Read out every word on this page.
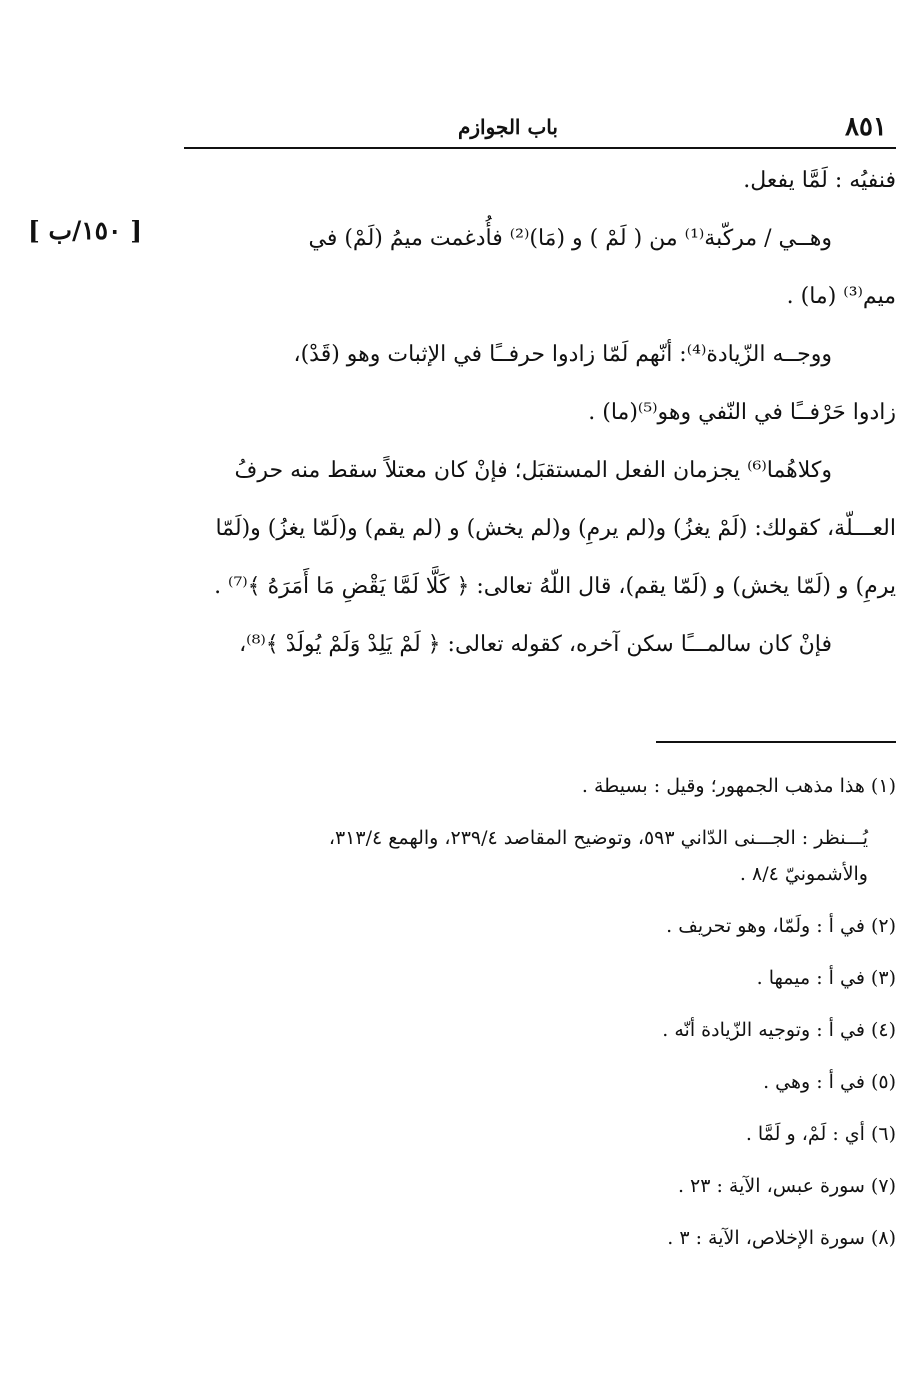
٨٥١
باب الجوازم
[ ١٥٠/ب ]
فنفيُه : لَمَّا يفعل.
وهــي / مركّبة⁽¹⁾ من ( لَمْ ) و (مَا)⁽²⁾ فأُدغمت ميمُ (لَمْ) في
ميم⁽³⁾ (ما) .
ووجــه الزّيادة⁽⁴⁾: أنّهم لَمّا زادوا حرفــًا في الإثبات وهو (قَدْ)،
زادوا حَرْفــًا في النّفي وهو⁽⁵⁾(ما) .
وكلاهُما⁽⁶⁾ يجزمان الفعل المستقبَل؛ فإنْ كان معتلاً سقط منه حرفُ
العـــلّة، كقولك: (لَمْ يغزُ) و(لم يرمِ) و(لم يخش) و (لم يقم) و(لَمّا يغزُ) و(لَمّا
يرمِ) و (لَمّا يخش) و (لَمّا يقم)، قال اللّهُ تعالى: ﴿ كَلَّا لَمَّا يَقْضِ مَا أَمَرَهُ ﴾⁽⁷⁾ .
فإنْ كان سالمـــًا سكن آخره، كقوله تعالى: ﴿ لَمْ يَلِدْ وَلَمْ يُولَدْ ﴾⁽⁸⁾،
(١) هذا مذهب الجمهور؛ وقيل : بسيطة .
يُـــنظر : الجـــنى الدّاني ٥٩٣، وتوضيح المقاصد ٢٣٩/٤، والهمع ٣١٣/٤،
والأشمونيّ ٨/٤ .
(٢) في أ : ولَمّا، وهو تحريف .
(٣) في أ : ميمها .
(٤) في أ : وتوجيه الزّيادة أنّه .
(٥) في أ : وهي .
(٦) أي : لَمْ، و لَمَّا .
(٧) سورة عبس، الآية : ٢٣ .
(٨) سورة الإخلاص، الآية : ٣ .
